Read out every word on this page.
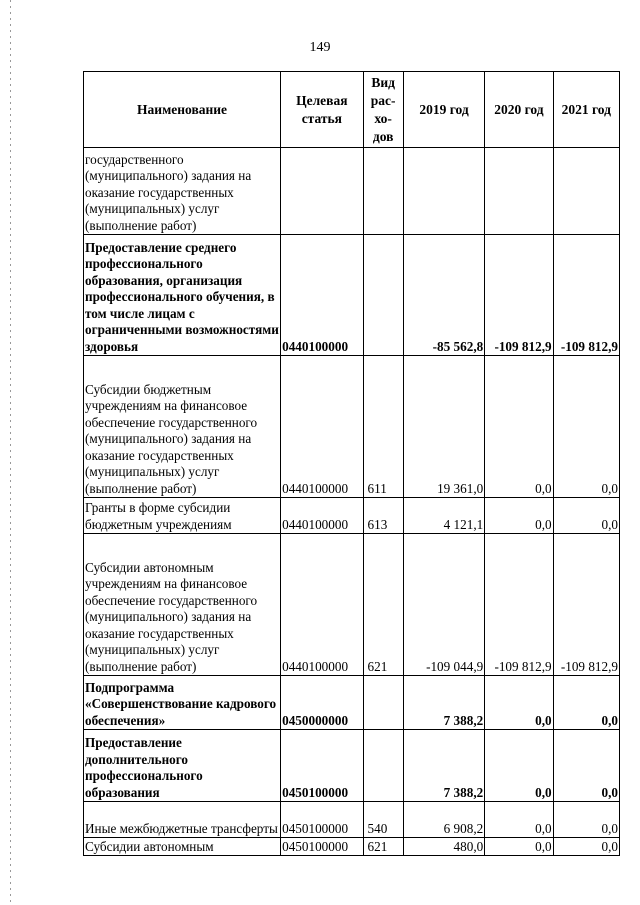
149
Наименование	Целевая статья	Вид рас-хо-дов	2019 год	2020 год	2021 год
государственного (муниципального) задания на оказание государственных (муниципальных) услуг (выполнение работ)					
Предоставление среднего профессионального образования, организация профессионального обучения, в том числе лицам с ограниченными возможностями здоровья	0440100000		-85 562,8	-109 812,9	-109 812,9
Субсидии бюджетным учреждениям на финансовое обеспечение государственного (муниципального) задания на оказание государственных (муниципальных) услуг (выполнение работ)	0440100000	611	19 361,0	0,0	0,0
Гранты в форме субсидии бюджетным учреждениям	0440100000	613	4 121,1	0,0	0,0
Субсидии автономным учреждениям на финансовое обеспечение государственного (муниципального) задания на оказание государственных (муниципальных) услуг (выполнение работ)	0440100000	621	-109 044,9	-109 812,9	-109 812,9
Подпрограмма «Совершенствование кадрового обеспечения»	0450000000		7 388,2	0,0	0,0
Предоставление дополнительного профессионального образования	0450100000		7 388,2	0,0	0,0
Иные межбюджетные трансферты	0450100000	540	6 908,2	0,0	0,0
Субсидии автономным	0450100000	621	480,0	0,0	0,0
